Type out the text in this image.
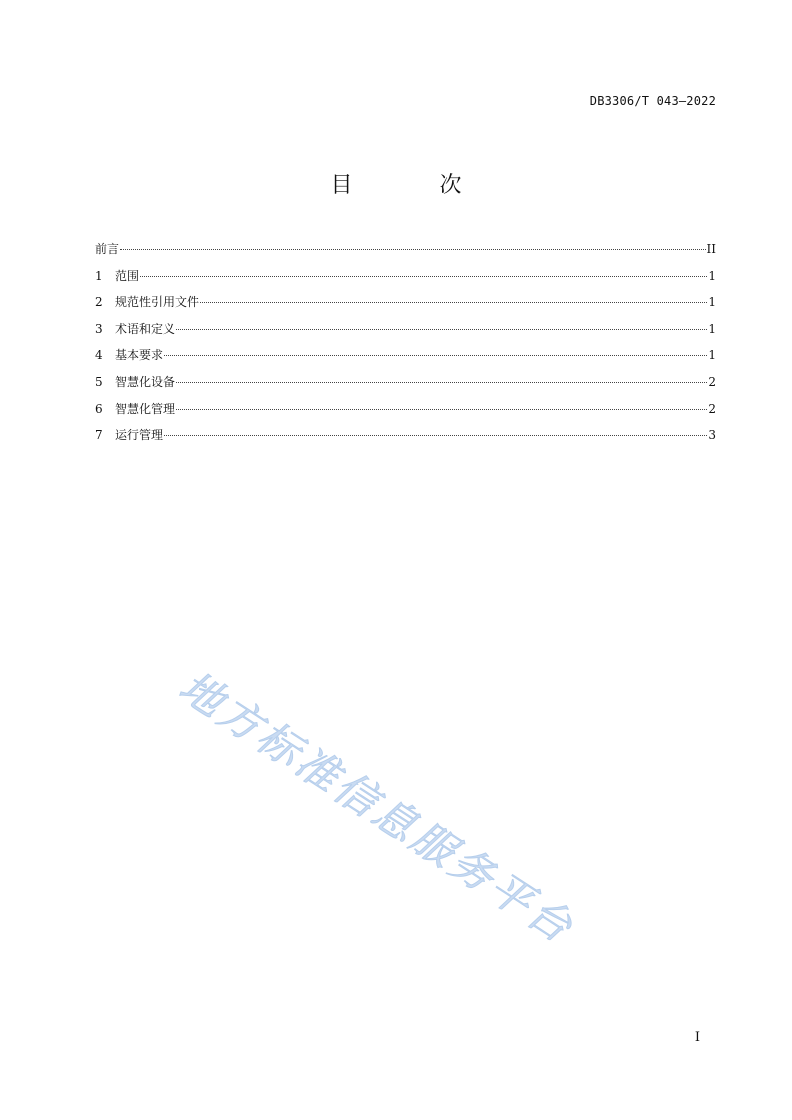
DB3306/T 043—2022
目 次
前言	II
1	范围	1
2	规范性引用文件	1
3	术语和定义	1
4	基本要求	1
5	智慧化设备	2
6	智慧化管理	2
7	运行管理	3
地方标准信息服务平台
I
